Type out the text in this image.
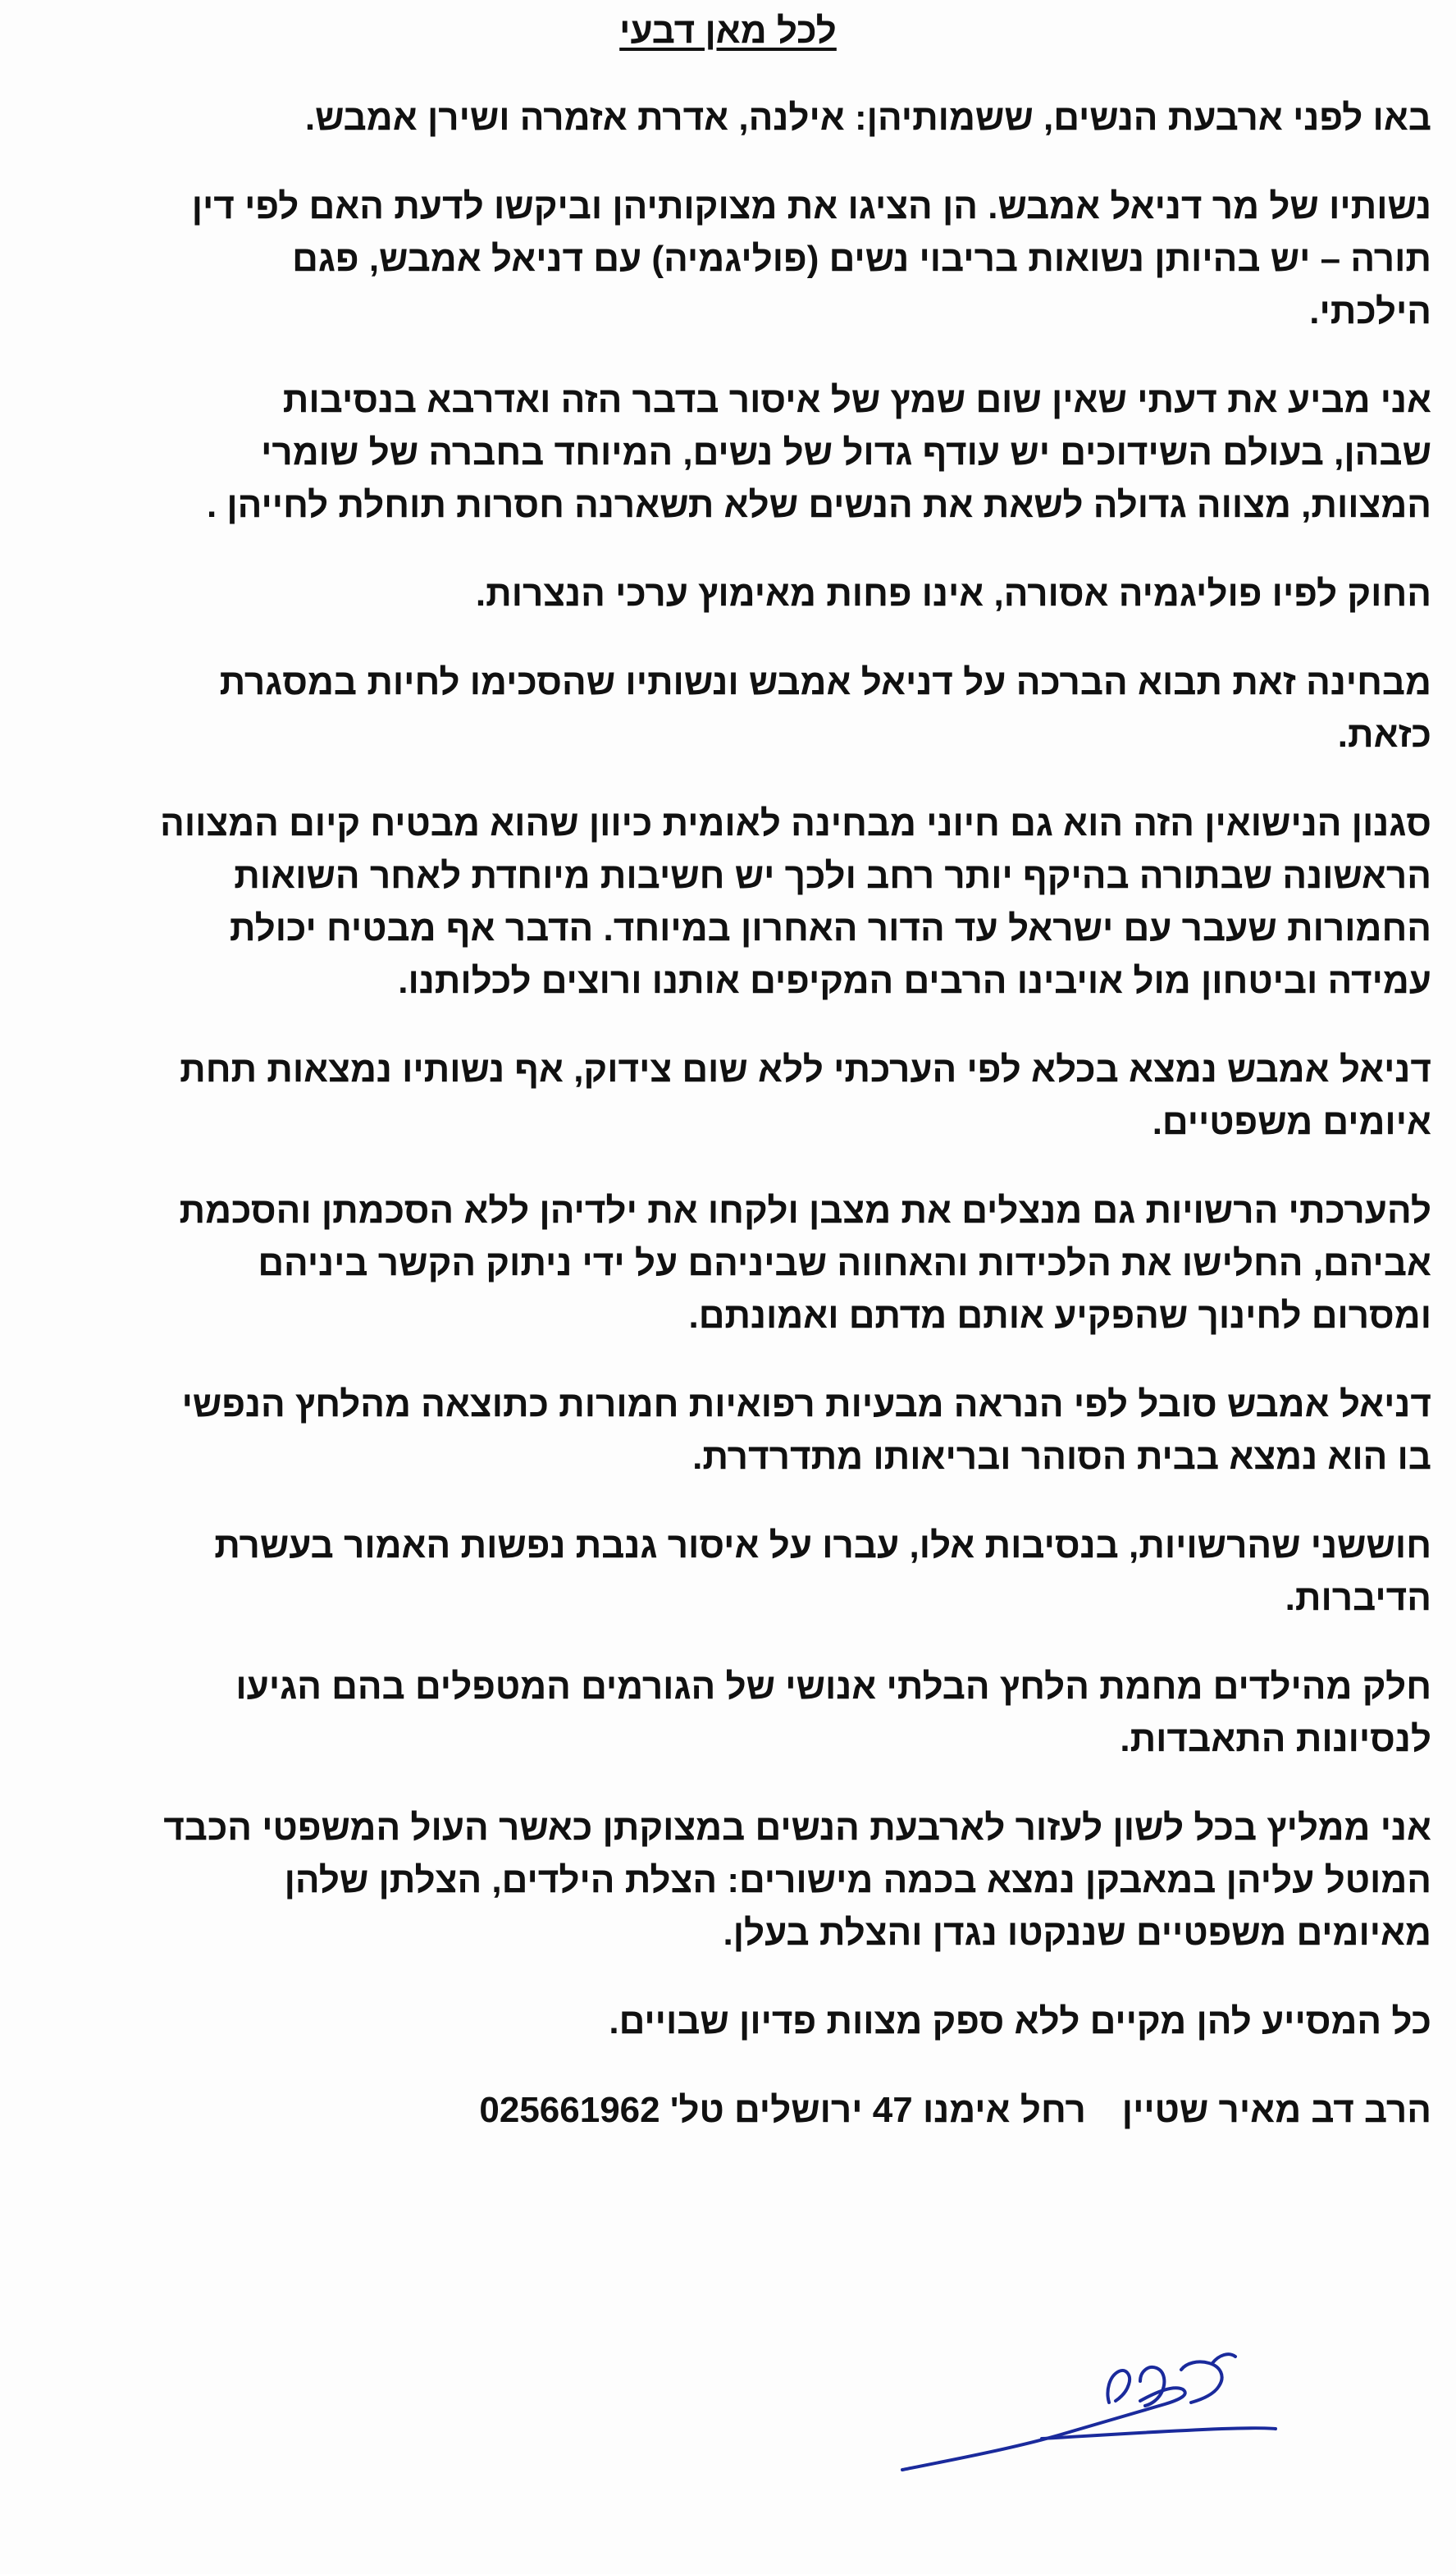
לכל מאן דבעי

באו לפני ארבעת הנשים, ששמותיהן: אילנה, אדרת אזמרה ושירן אמבש.

נשותיו של מר דניאל אמבש. הן הציגו את מצוקותיהן וביקשו לדעת האם לפי דין
תורה – יש בהיותן נשואות בריבוי נשים (פוליגמיה) עם דניאל אמבש, פגם
הילכתי.

אני מביע את דעתי שאין שום שמץ של איסור בדבר הזה ואדרבא בנסיבות
שבהן, בעולם השידוכים יש עודף גדול של נשים, המיוחד בחברה של שומרי
המצוות, מצווה גדולה לשאת את הנשים שלא תשארנה חסרות תוחלת לחייהן .

החוק לפיו פוליגמיה אסורה, אינו פחות מאימוץ ערכי הנצרות.

מבחינה זאת תבוא הברכה על דניאל אמבש ונשותיו שהסכימו לחיות במסגרת
כזאת.

סגנון הנישואין הזה הוא גם חיוני מבחינה לאומית כיוון שהוא מבטיח קיום המצווה
הראשונה שבתורה בהיקף יותר רחב ולכך יש חשיבות מיוחדת לאחר השואות
החמורות שעבר עם ישראל עד הדור האחרון במיוחד. הדבר אף מבטיח יכולת
עמידה וביטחון מול אויבינו הרבים המקיפים אותנו ורוצים לכלותנו.

דניאל אמבש נמצא בכלא לפי הערכתי ללא שום צידוק, אף נשותיו נמצאות תחת
איומים משפטיים.

להערכתי הרשויות גם מנצלים את מצבן ולקחו את ילדיהן ללא הסכמתן והסכמת
אביהם, החלישו את הלכידות והאחווה שביניהם על ידי ניתוק הקשר ביניהם
ומסרום לחינוך שהפקיע אותם מדתם ואמונתם.

דניאל אמבש סובל לפי הנראה מבעיות רפואיות חמורות כתוצאה מהלחץ הנפשי
בו הוא נמצא בבית הסוהר ובריאותו מתדרדרת.

חוששני שהרשויות, בנסיבות אלו, עברו על איסור גנבת נפשות האמור בעשרת
הדיברות.

חלק מהילדים מחמת הלחץ הבלתי אנושי של הגורמים המטפלים בהם הגיעו
לנסיונות התאבדות.

אני ממליץ בכל לשון לעזור לארבעת הנשים במצוקתן כאשר העול המשפטי הכבד
המוטל עליהן במאבקן נמצא בכמה מישורים: הצלת הילדים, הצלתן שלהן
מאיומים משפטיים שננקטו נגדן והצלת בעלן.

כל המסייע להן מקיים ללא ספק מצוות פדיון שבויים.

הרב דב מאיר שטייןרחל אימנו 47 ירושלים טל' 025661962
